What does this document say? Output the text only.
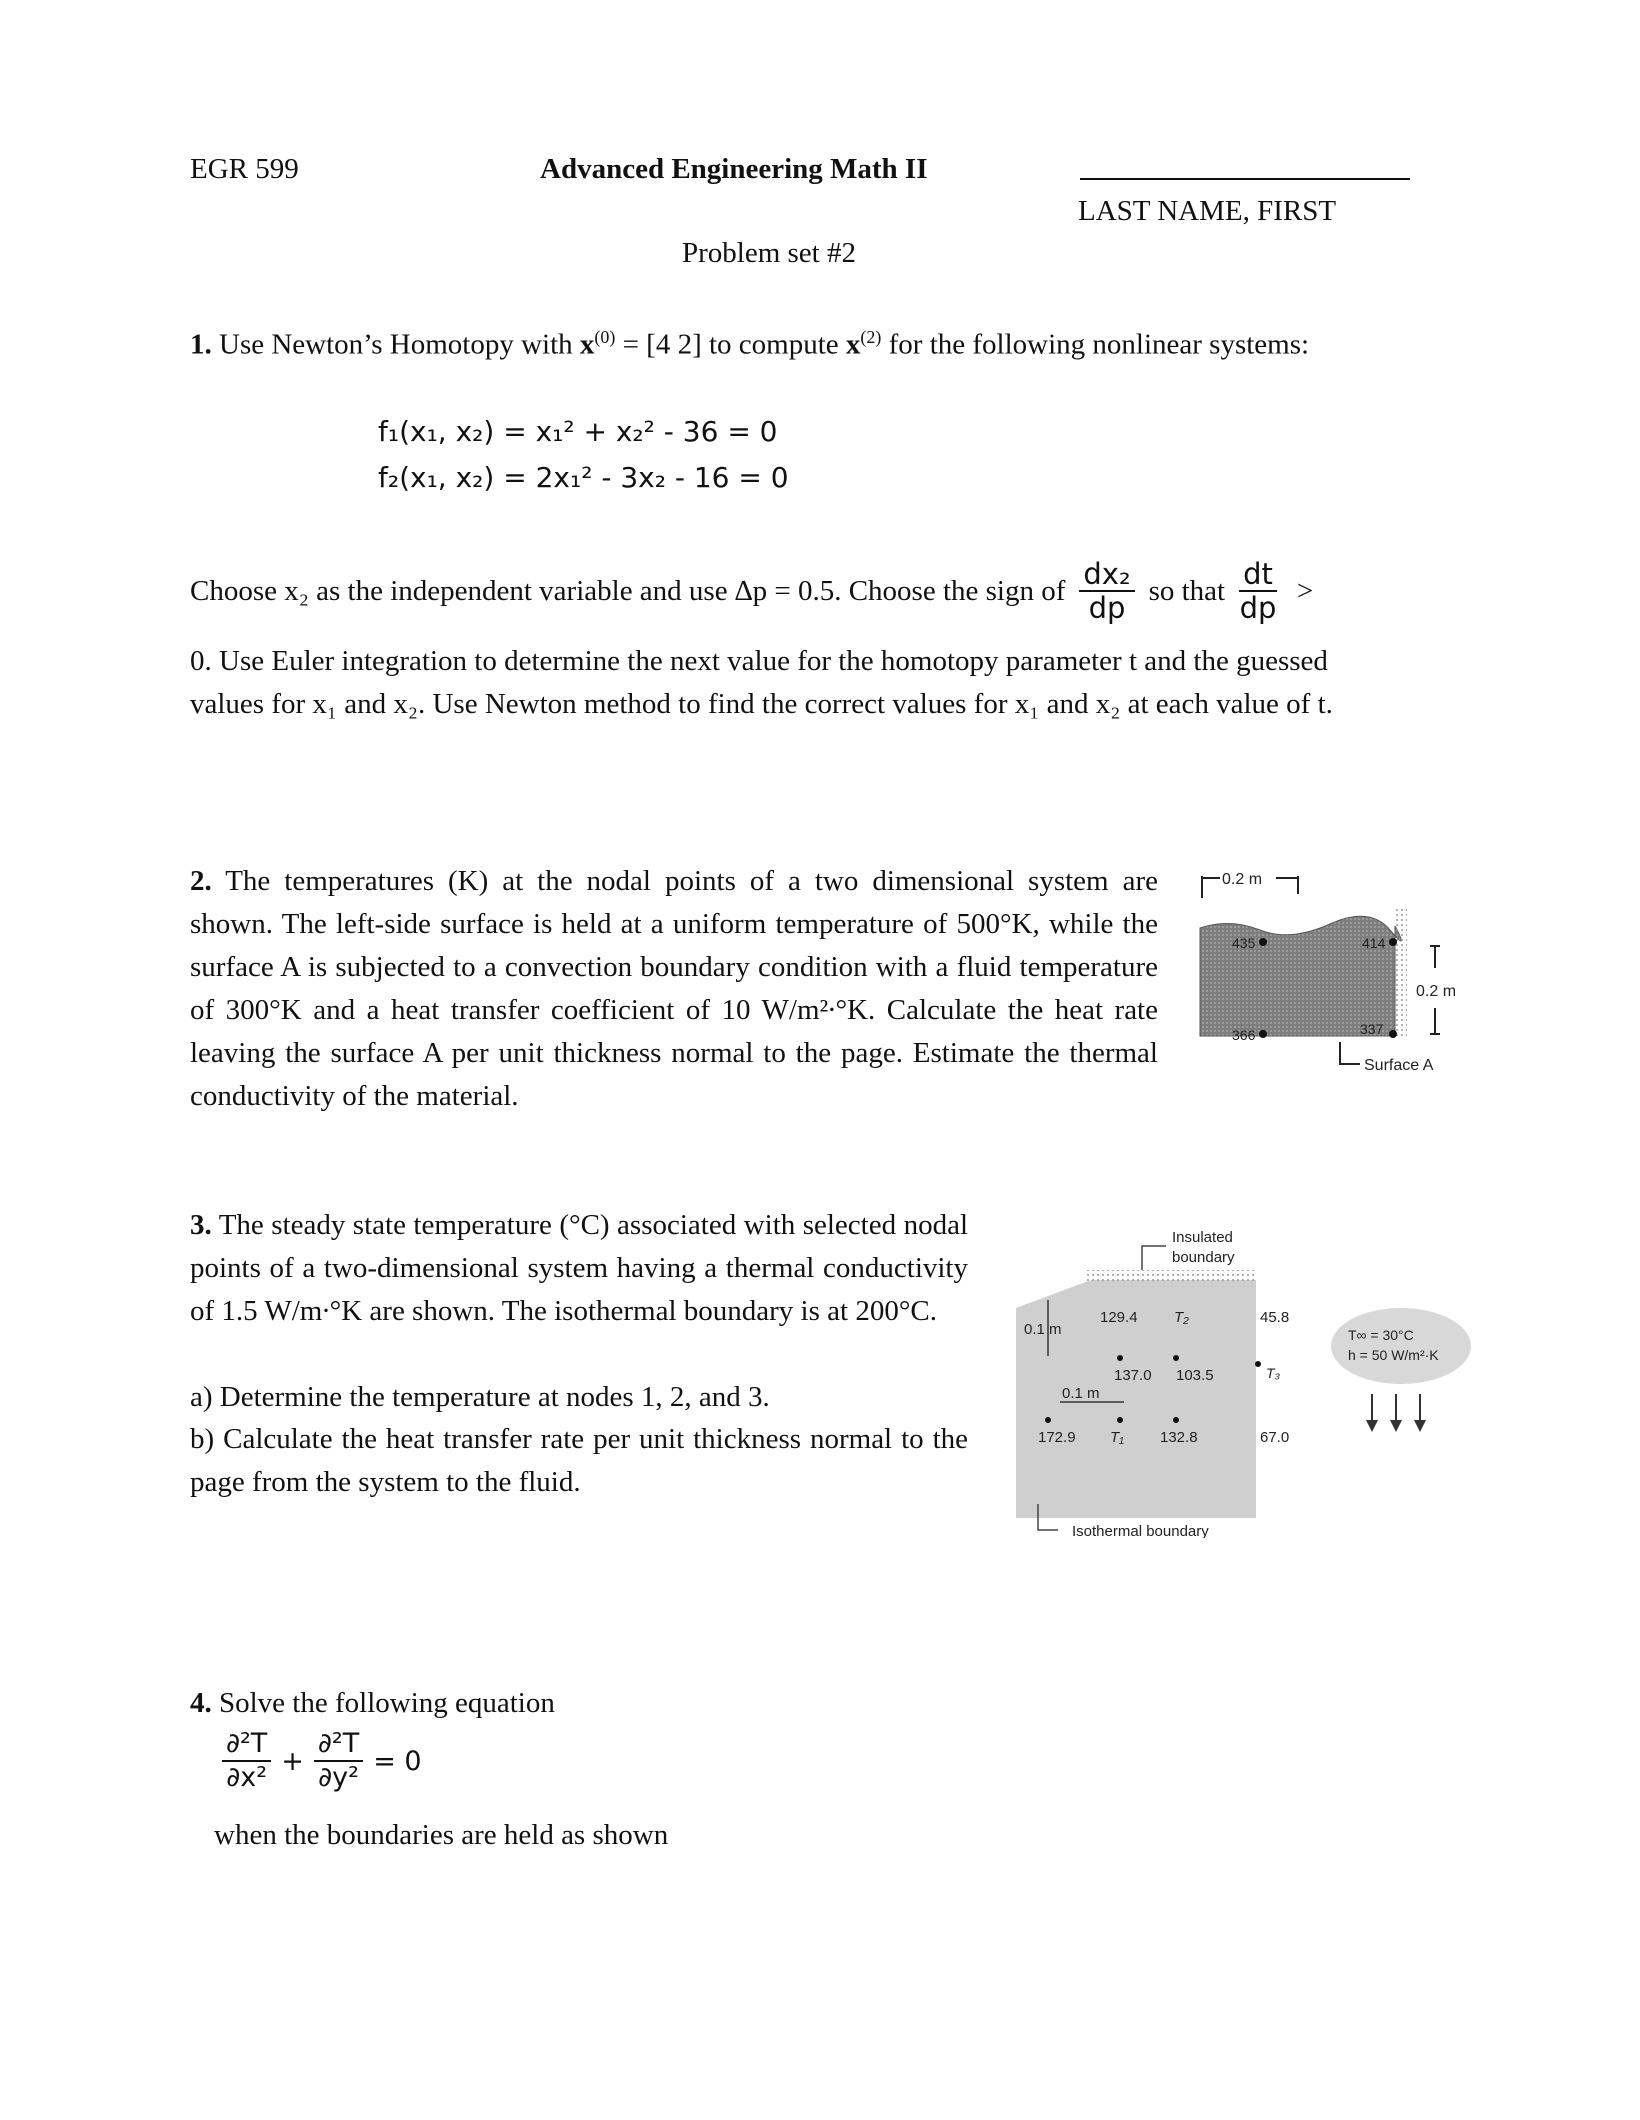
EGR 599	Advanced Engineering Math II
LAST NAME, FIRST
Problem set #2
1. Use Newton’s Homotopy with $x^{(0)} = [4$ 2] to compute $x^{(2)}$ for the following nonlinear systems:
f₁(x₁, x₂) = x₁² + x₂² - 36 = 0
f₂(x₁, x₂) = 2x₁² - 3x₂ - 16 = 0
Choose x₂ as the independent variable and use ∆p = 0.5. Choose the sign of $\frac{\text{dx₂}}{dp}$ so that $\frac{dt}{dp}$ >
0. Use Euler integration to determine the next value for the homotopy parameter t and the guessed values for x₁ and x₂. Use Newton method to find the correct values for x₁ and x₂ at each value of t.
2. The temperatures (K) at the nodal points of a two dimensional system are shown. The left-side surface is held at a uniform temperature of 500°K, while the surface A is subjected to a convection boundary condition with a fluid temperature of 300°K and a heat transfer coefficient of 10 W/m²∙°K. Calculate the heat rate leaving the surface A per unit thickness normal to the page. Estimate the thermal conductivity of the material.
0.2 m
435	414
366	337
0.2 m
Surface A
3. The steady state temperature (°C) associated with selected nodal points of a two-dimensional system having a thermal conductivity of 1.5 W/m∙°K are shown. The isothermal boundary is at 200°C.
a) Determine the temperature at nodes 1, 2, and 3.
b) Calculate the heat transfer rate per unit thickness normal to the page from the system to the fluid.
Insulated
boundary
0.1 m
129.4 T₂	45.8
T₃
137.0 103.5
0.1 m
172.9 T₁ 132.8	67.0
T∞ = 30°C
h = 50 W/m²·K
Isothermal boundary
4. Solve the following equation
$\frac{\text{∂²T}}{\text{∂x²}} + \frac{\text{∂²T}}{\text{∂y²}} = 0$
when the boundaries are held as shown
